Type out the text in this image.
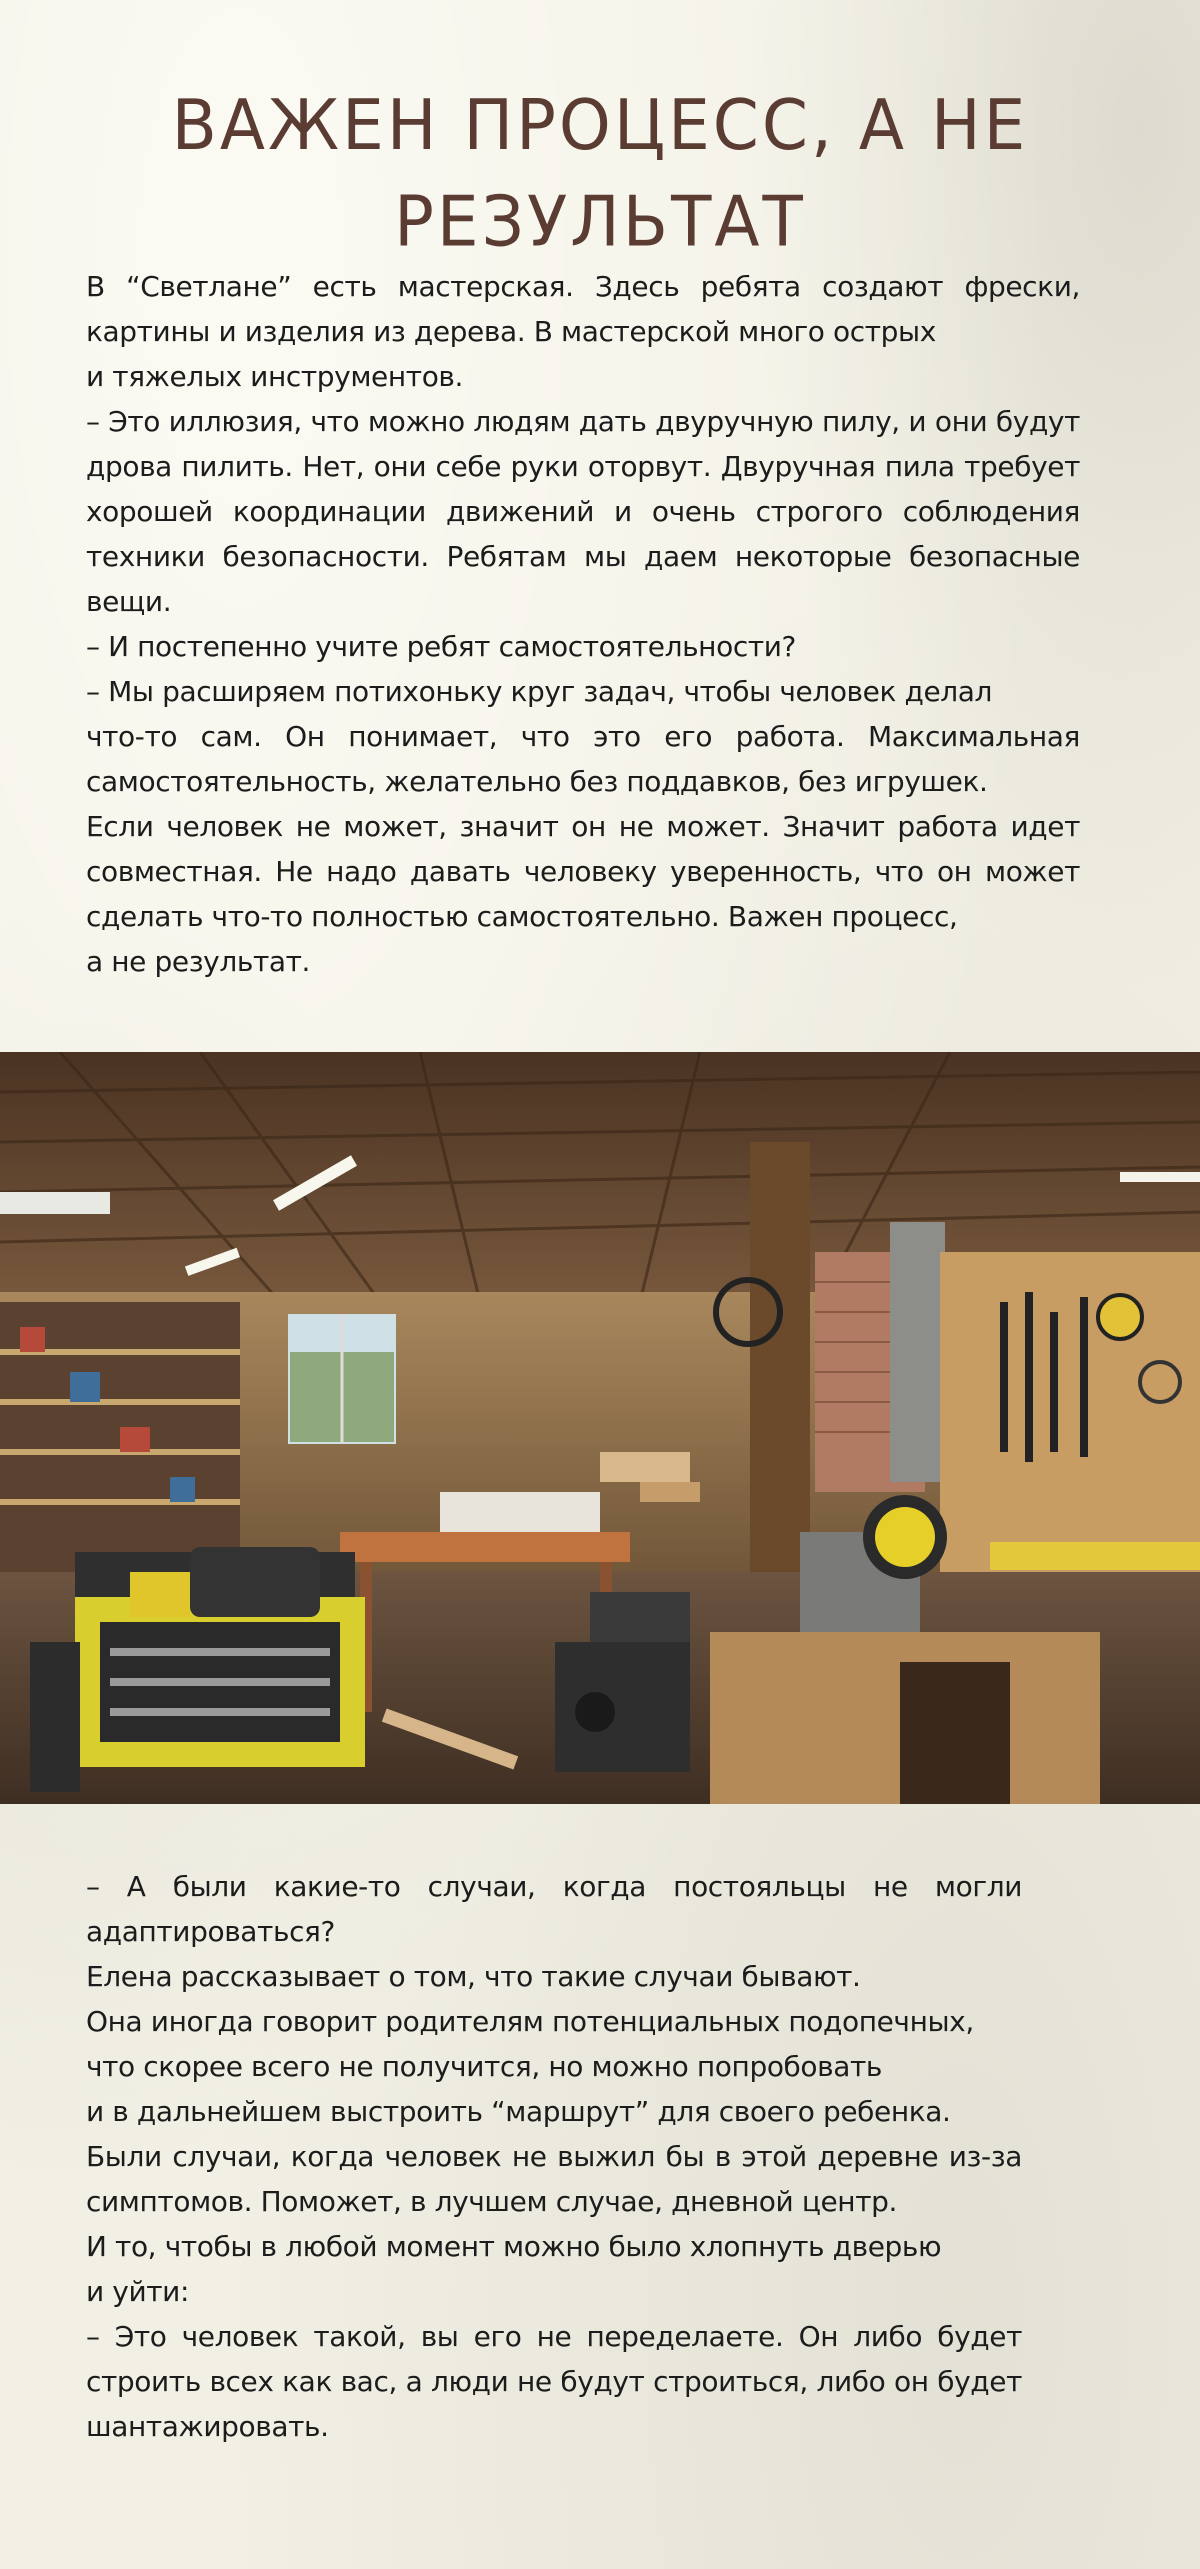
ВАЖЕН ПРОЦЕСС, А НЕ РЕЗУЛЬТАТ

В “Светлане” есть мастерская. Здесь ребята создают фрески, картины и изделия из дерева. В мастерской много острых

и тяжелых инструментов.

– Это иллюзия, что можно людям дать двуручную пилу, и они будут дрова пилить. Нет, они себе руки оторвут. Двуручная пила требует хорошей координации движений и очень строгого соблюдения техники безопасности. Ребятам мы даем некоторые безопасные вещи.

– И постепенно учите ребят самостоятельности?

– Мы расширяем потихоньку круг задач, чтобы человек делал

что-то сам. Он понимает, что это его работа. Максимальная самостоятельность, желательно без поддавков, без игрушек.

Если человек не может, значит он не может. Значит работа идет совместная. Не надо давать человеку уверенность, что он может сделать что-то полностью самостоятельно. Важен процесс,

а не результат.

– А были какие-то случаи, когда постояльцы не могли адаптироваться?

Елена рассказывает о том, что такие случаи бывают.

Она иногда говорит родителям потенциальных подопечных,

что скорее всего не получится, но можно попробовать

и в дальнейшем выстроить “маршрут” для своего ребенка.

Были случаи, когда человек не выжил бы в этой деревне из-за симптомов. Поможет, в лучшем случае, дневной центр.

И то, чтобы в любой момент можно было хлопнуть дверью

и уйти:

– Это человек такой, вы его не переделаете. Он либо будет строить всех как вас, а люди не будут строиться, либо он будет шантажировать.
